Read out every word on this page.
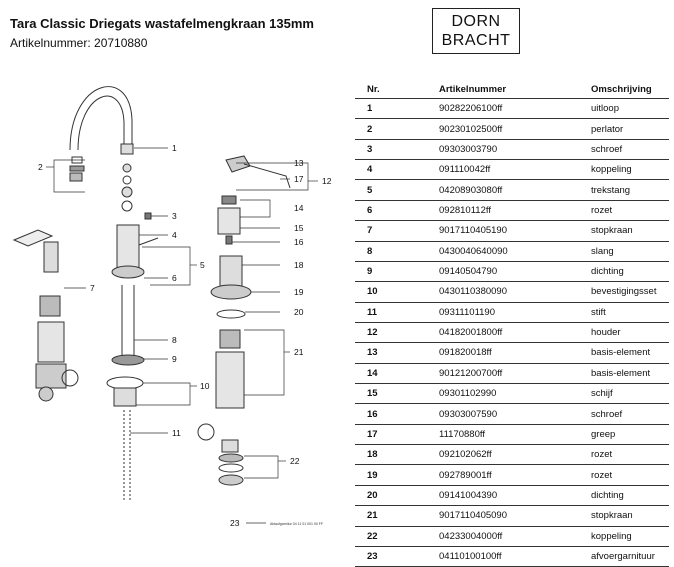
Tara Classic Driegats wastafelmengkraan 135mm
Artikelnummer: 20710880
DORN
BRACHT
1
2
3
4
5
6
7
8
9
10
11
12
13
14
15
16
17
18
19
20
21
22
23	Ablaufgarnitur 04 11 01 001 00 FF
Nr.	Artikelnummer	Omschrijving
1	90282206100ff	uitloop
2	90230102500ff	perlator
3	09303003790	schroef
4	091110042ff	koppeling
5	04208903080ff	trekstang
6	092810112ff	rozet
7	9017110405190	stopkraan
8	0430040640090	slang
9	09140504790	dichting
10	0430110380090	bevestigingsset
11	09311101190	stift
12	04182001800ff	houder
13	091820018ff	basis-element
14	90121200700ff	basis-element
15	09301102990	schijf
16	09303007590	schroef
17	11170880ff	greep
18	092102062ff	rozet
19	092789001ff	rozet
20	09141004390	dichting
21	9017110405090	stopkraan
22	04233004000ff	koppeling
23	04110100100ff	afvoergarnituur
